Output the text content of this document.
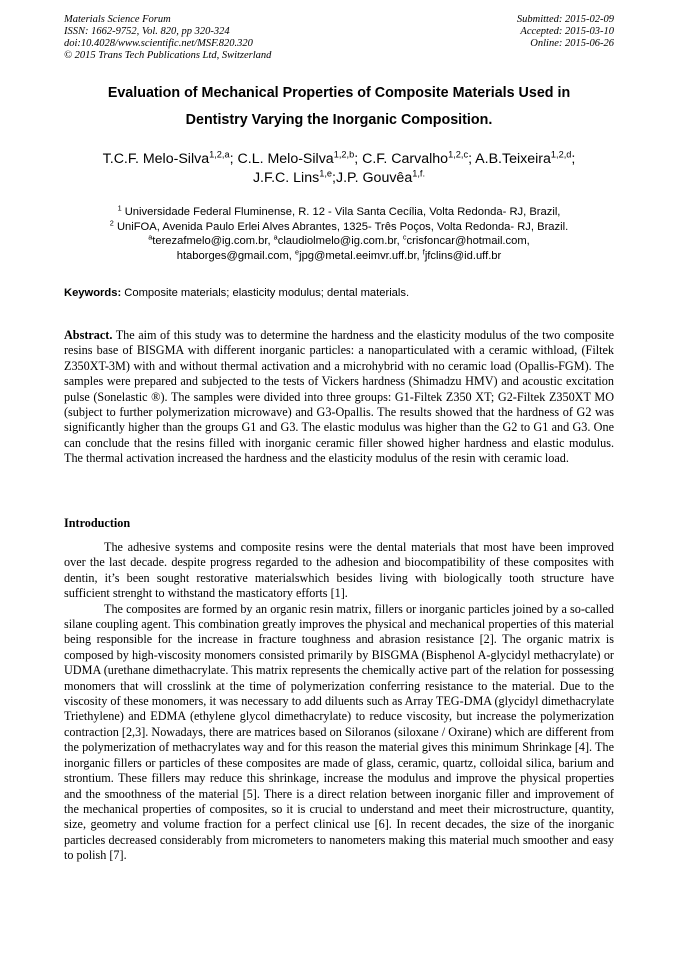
Materials Science Forum
ISSN: 1662-9752, Vol. 820, pp 320-324
doi:10.4028/www.scientific.net/MSF.820.320
© 2015 Trans Tech Publications Ltd, Switzerland
Submitted: 2015-02-09
Accepted: 2015-03-10
Online: 2015-06-26
Evaluation of Mechanical Properties of Composite Materials Used in
Dentistry Varying the Inorganic Composition.
T.C.F. Melo-Silva$^{1,2,a}$; C.L. Melo-Silva$^{1,2,b}$; C.F. Carvalho$^{1,2,c}$; A.B.Teixeira$^{1,2,d}$;
J.F.C. Lins$^{1,e}$;J.P. Gouvêa$^{1,f.}$
$^1$ Universidade Federal Fluminense, R. 12 - Vila Santa Cecília, Volta Redonda- RJ, Brazil,
$^2$ UniFOA, Avenida Paulo Erlei Alves Abrantes, 1325- Três Poços, Volta Redonda- RJ, Brazil.
$^a$terezafmelo@ig.com.br, $^a$claudiolmelo@ig.com.br, $^c$crisfoncar@hotmail.com,
htaborges@gmail.com, $^e$jpg@metal.eeimvr.uff.br, $^f$jfclins@id.uff.br
Keywords: Composite materials; elasticity modulus; dental materials.
Abstract. The aim of this study was to determine the hardness and the elasticity modulus of the two composite resins base of BISGMA with different inorganic particles: a nanoparticulated with a ceramic withload, (Filtek Z350XT-3M) with and without thermal activation and a microhybrid with no ceramic load (Opallis-FGM). The samples were prepared and subjected to the tests of Vickers hardness (Shimadzu HMV) and acoustic excitation pulse (Sonelastic ®). The samples were divided into three groups: G1-Filtek Z350 XT; G2-Filtek Z350XT MO (subject to further polymerization microwave) and G3-Opallis. The results showed that the hardness of G2 was significantly higher than the groups G1 and G3. The elastic modulus was higher than the G2 to G1 and G3. One can conclude that the resins filled with inorganic ceramic filler showed higher hardness and elastic modulus. The thermal activation increased the hardness and the elasticity modulus of the resin with ceramic load.
Introduction

The adhesive systems and composite resins were the dental materials that most have been improved over the last decade. despite progress regarded to the adhesion and biocompatibility of these composites with dentin, it’s been sought restorative materialswhich besides living with biologically tooth structure have sufficient strenght to withstand the masticatory efforts [1].

The composites are formed by an organic resin matrix, fillers or inorganic particles joined by a so-called silane coupling agent. This combination greatly improves the physical and mechanical properties of this material being responsible for the increase in fracture toughness and abrasion resistance [2]. The organic matrix is composed by high-viscosity monomers consisted primarily by BISGMA (Bisphenol A-glycidyl methacrylate) or UDMA (urethane dimethacrylate. This matrix represents the chemically active part of the relation for possessing monomers that will crosslink at the time of polymerization conferring resistance to the material. Due to the viscosity of these monomers, it was necessary to add diluents such as Array TEG-DMA (glycidyl dimethacrylate Triethylene) and EDMA (ethylene glycol dimethacrylate) to reduce viscosity, but increase the polymerization contraction [2,3]. Nowadays, there are matrices based on Siloranos (siloxane / Oxirane) which are different from the polymerization of methacrylates way and for this reason the material gives this minimum Shrinkage [4]. The inorganic fillers or particles of these composites are made of glass, ceramic, quartz, colloidal silica, barium and strontium. These fillers may reduce this shrinkage, increase the modulus and improve the physical properties and the smoothness of the material [5]. There is a direct relation between inorganic filler and improvement of the mechanical properties of composites, so it is crucial to understand and meet their microstructure, quantity, size, geometry and volume fraction for a perfect clinical use [6]. In recent decades, the size of the inorganic particles decreased considerably from micrometers to nanometers making this material much smoother and easy to polish [7].
